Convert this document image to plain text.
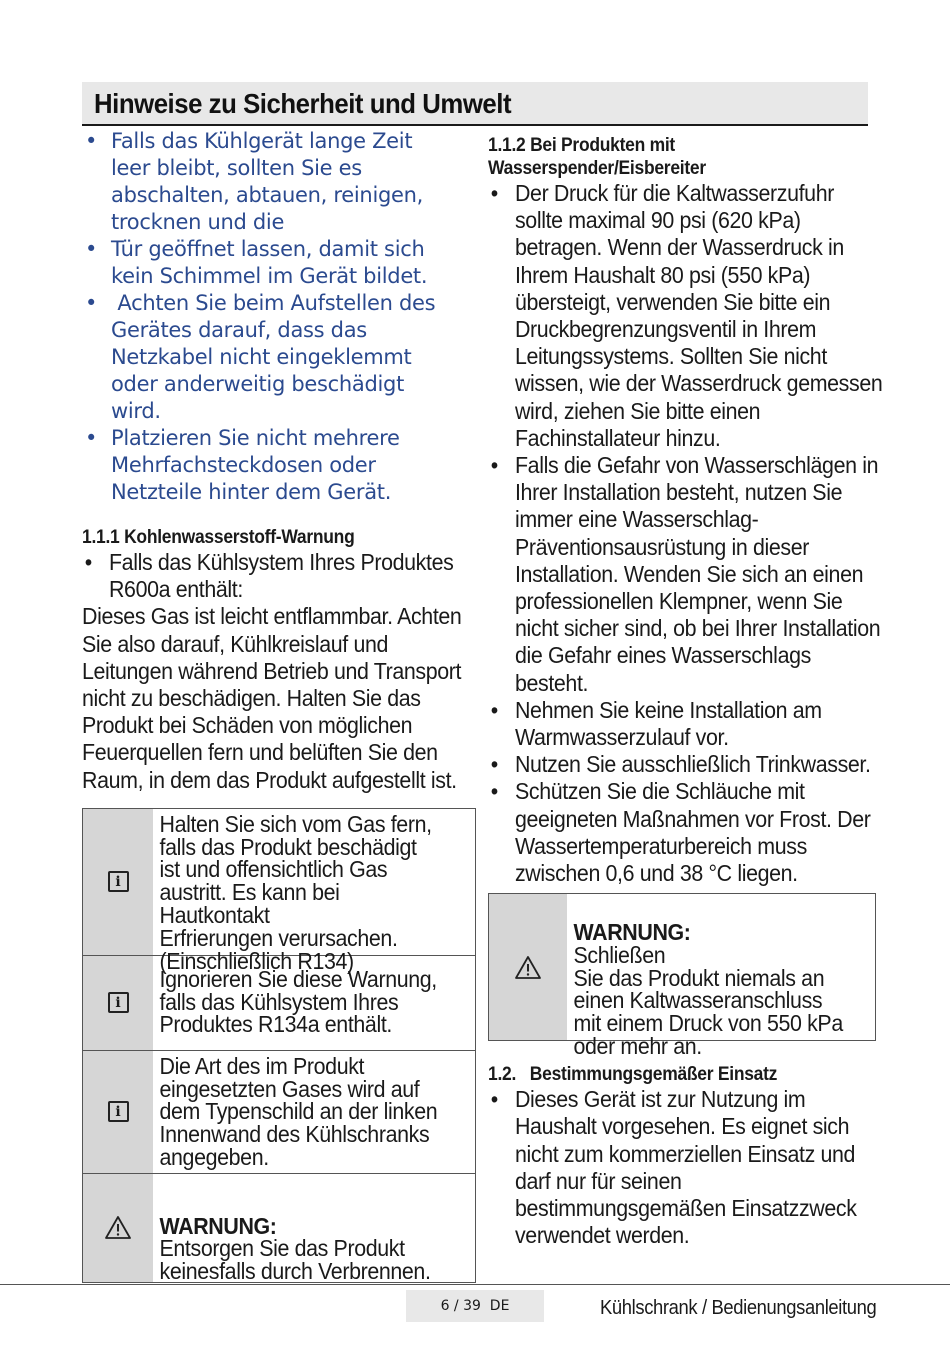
Hinweise zu Sicherheit und Umwelt
• Falls das Kühlgerät lange Zeit leer bleibt, sollten Sie es abschalten, abtauen, reinigen, trocknen und die
• Tür geöffnet lassen, damit sich kein Schimmel im Gerät bildet.
•  Achten Sie beim Aufstellen des Gerätes darauf, dass das Netzkabel nicht eingeklemmt oder anderweitig beschädigt wird.
• Platzieren Sie nicht mehrere Mehrfachsteckdosen oder Netzteile hinter dem Gerät.
1.1.1 Kohlenwasserstoff-Warnung
• Falls das Kühlsystem Ihres Produktes R600a enthält:

Dieses Gas ist leicht entflammbar. Achten Sie also darauf, Kühlkreislauf und Leitungen während Betrieb und Transport nicht zu beschädigen. Halten Sie das Produkt bei Schäden von möglichen Feuerquellen fern und belüften Sie den Raum, in dem das Produkt aufgestellt ist.

i
Halten Sie sich vom Gas fern,
falls das Produkt beschädigt
ist und offensichtlich Gas
austritt. Es kann bei Hautkontakt
Erfrierungen verursachen.
(Einschließlich R134)
i
Ignorieren Sie diese Warnung,
falls das Kühlsystem Ihres
Produktes R134a enthält.
i
Die Art des im Produkt
eingesetzten Gases wird auf
dem Typenschild an der linken
Innenwand des Kühlschranks
angegeben.

WARNUNG:
Entsorgen Sie das Produkt
keinesfalls durch Verbrennen.

1.1.2 Bei Produkten mit Wasserspender/Eisbereiter
• Der Druck für die Kaltwasserzufuhr sollte maximal 90 psi (620 kPa) betragen. Wenn der Wasserdruck in Ihrem Haushalt 80 psi (550 kPa) übersteigt, verwenden Sie bitte ein Druckbegrenzungsventil in Ihrem Leitungssystems. Sollten Sie nicht wissen, wie der Wasserdruck gemessen wird, ziehen Sie bitte einen Fachinstallateur hinzu.
• Falls die Gefahr von Wasserschlägen in Ihrer Installation besteht, nutzen Sie immer eine Wasserschlag-Präventionsausrüstung in dieser Installation. Wenden Sie sich an einen professionellen Klempner, wenn Sie nicht sicher sind, ob bei Ihrer Installation die Gefahr eines Wasserschlags besteht.
• Nehmen Sie keine Installation am Warmwasserzulauf vor.
• Nutzen Sie ausschließlich Trinkwasser.
• Schützen Sie die Schläuche mit geeigneten Maßnahmen vor Frost. Der Wassertemperaturbereich muss zwischen 0,6 und 38 °C liegen.

WARNUNG:
Schließen
Sie das Produkt niemals an
einen Kaltwasseranschluss
mit einem Druck von 550 kPa
oder mehr an.

1.2.   Bestimmungsgemäßer Einsatz
• Dieses Gerät ist zur Nutzung im Haushalt vorgesehen. Es eignet sich nicht zum kommerziellen Einsatz und darf nur für seinen bestimmungsgemäßen Einsatzzweck verwendet werden.
6 / 39  DE	Kühlschrank / Bedienungsanleitung
